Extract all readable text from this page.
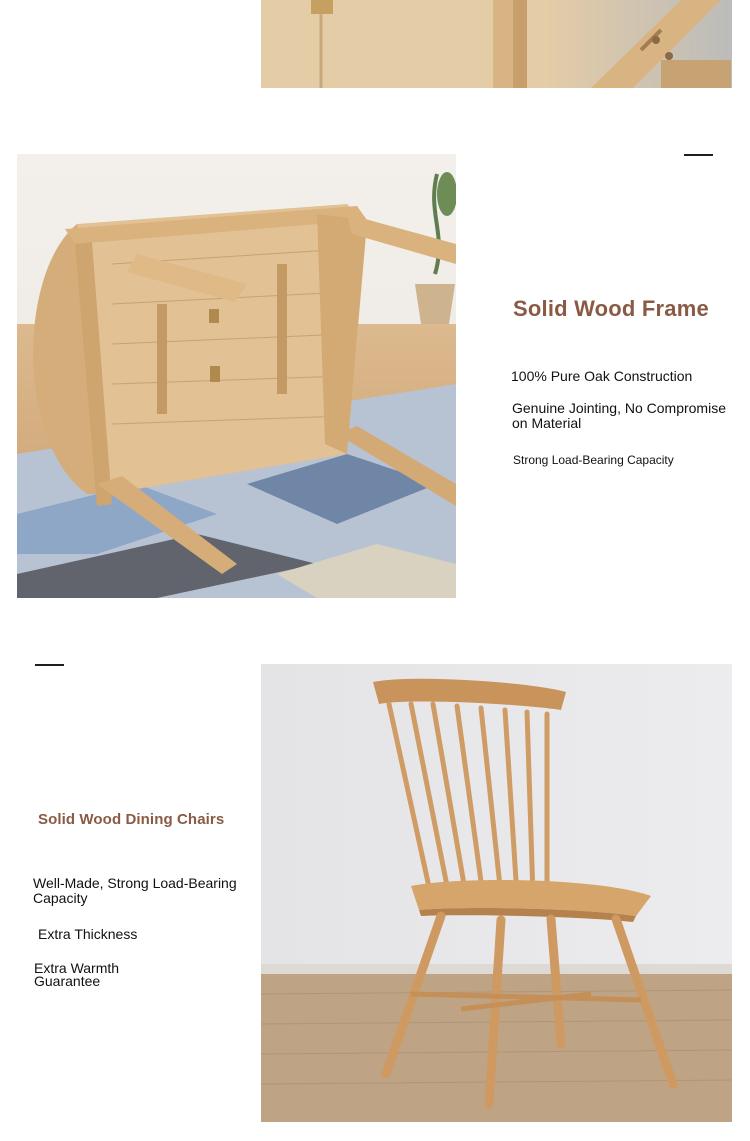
Solid Wood Frame
100% Pure Oak Construction
Genuine Jointing, No Compromise on Material
Strong Load-Bearing Capacity
Solid Wood Dining Chairs
Well-Made, Strong Load-Bearing Capacity
Extra Thickness
Extra Warmth Guarantee
